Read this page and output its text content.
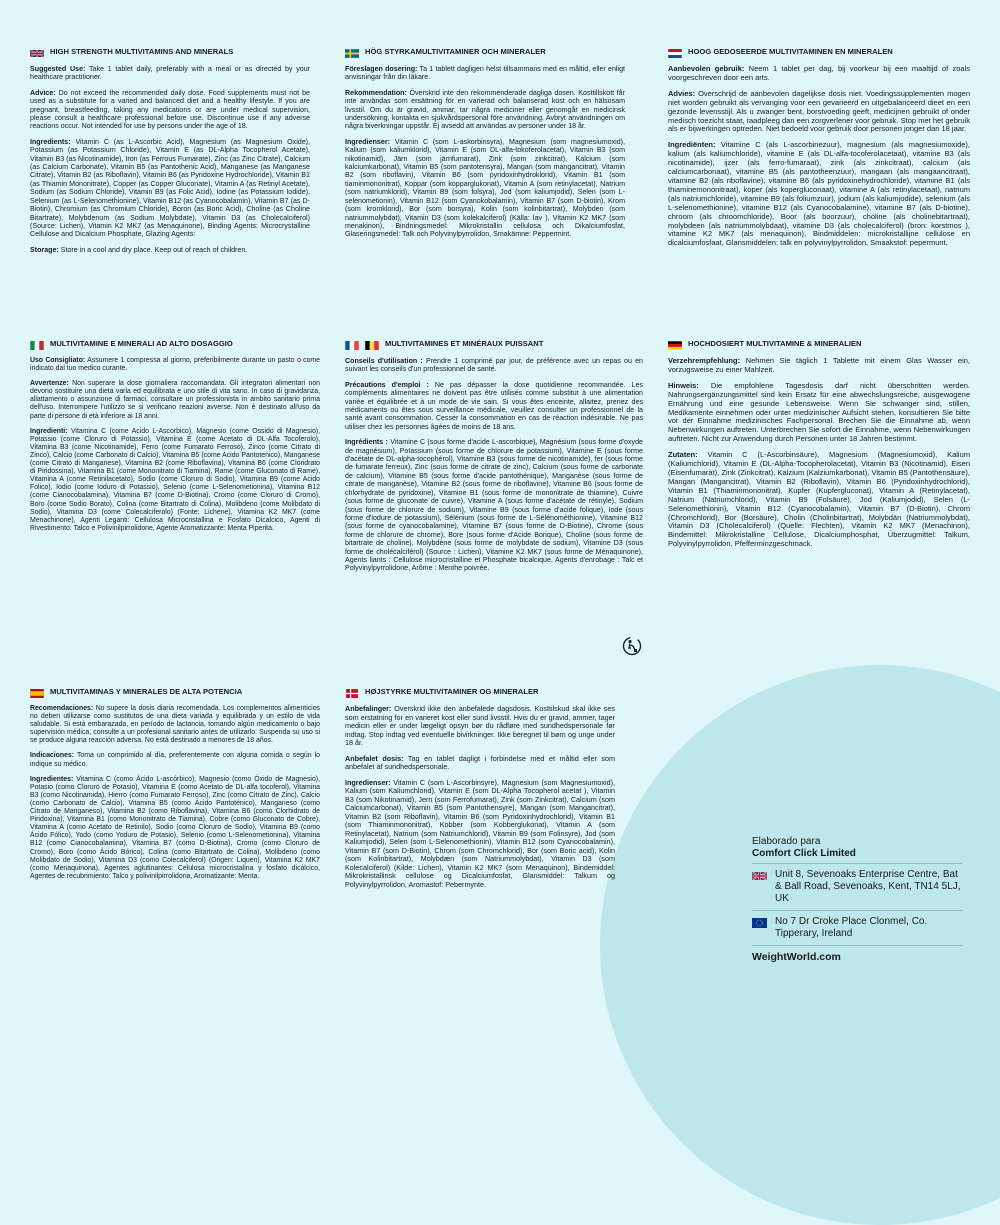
HIGH STRENGTH MULTIVITAMINS AND MINERALS

Suggested Use: Take 1 tablet daily, preferably with a meal or as directed by your healthcare practitioner.

Advice: Do not exceed the recommended daily dose. Food supplements must not be used as a substitute for a varied and balanced diet and a healthy lifestyle. If you are pregnant, breastfeeding, taking any medications or are under medical supervision, please consult a healthcare professional before use. Discontinue use if any adverse reactions occur. Not intended for use by persons under the age of 18.

Ingredients: Vitamin C (as L-Ascorbic Acid), Magnesium (as Magnesium Oxide), Potassium (as Potassium Chloride), Vitamin E (as DL-Alpha Tocopherol Acetate), Vitamin B3 (as Nicotinamide), Iron (as Ferrous Fumarate), Zinc (as Zinc Citrate), Calcium (as Calcium Carbonate), Vitamin B5 (as Pantothenic Acid), Manganese (as Manganese Citrate), Vitamin B2 (as Riboflavin), Vitamin B6 (as Pyridoxine Hydrochloride), Vitamin B1 (as Thiamin Mononitrate), Copper (as Copper Gluconate), Vitamin A (as Retinyl Acetate), Sodium (as Sodium Chloride), Vitamin B9 (as Folic Acid), Iodine (as Potassium Iodide), Selenium (as L-Selenomethionine), Vitamin B12 (as Cyanocobalamin), Vitamin B7 (as D-Biotin), Chromium (as Chromium Chloride), Boron (as Boric Acid), Choline (as Choline Bitartrate), Molybdenum (as Sodium Molybdate), Vitamin D3 (as Cholecalciferol) (Source: Lichen), Vitamin K2 MK7 (as Menaquinone), Binding Agents: Microcrystalline Cellulose and Dicalcium Phosphate, Glazing Agents:

Storage: Store in a cool and dry place. Keep out of reach of children.

HÖG STYRKAMULTIVITAMINER OCH MINERALER

Föreslagen dosering: Ta 1 tablett dagligen helst tillsammans med en måltid, eller enligt anvisningar från din läkare.

Rekommendation: Överskrid inte den rekommenderade dagliga dosen. Kosttillskott får inte användas som ersättning för en varierad och balanserad kost och en hälsosam livsstil. Om du är gravid, ammar, tar några mediciner eller genomgår en medicinsk undersökning, kontakta en sjukvårdspersonal före användning. Avbryt användningen om några biverkningar uppstår. Ej avsedd att användas av personer under 18 år.

Ingredienser: Vitamin C (som L-askorbinsyra), Magnesium (som magnesiumoxid), Kalium (som kaliumklorid), Vitamin E (som DL-alfa-tokoferolacetat), Vitamin B3 (som nikotinamid), Järn (som järnfumarat), Zink (som zinkcitrat), Kalcium (som kalciumkarbonat), Vitamin B5 (som pantotensyra), Mangan (som mangancitrat), Vitamin B2 (som riboflavin), Vitamin B6 (som pyridoxinhydroklorid), Vitamin B1 (som tiaminmononitrat), Koppar (som kopparglukonat), Vitamin A (som retinylacetat), Natrium (som natriumklorid), Vitamin B9 (som folsyra), Jod (som kaliumjodid), Selen (som L-selenometionin), Vitamin B12 (som Cyanokobalamin), Vitamin B7 (som D-biotin), Krom (som kromklorid), Bor (som borsyra), Kolin (som kolinbitartrat), Molybden (som natriummolybdat), Vitamin D3 (som kolekalciferol) (Källa: lav ), Vitamin K2 MK7 (som menakinon), Bindningsmedel: Mikrokristallin cellulosa och Dikalciumfosfat, Glaseringsmedel: Talk och Polyvinylpyrrolidon, Smakämne: Peppermint.

HOOG GEDOSEERDE MULTIVITAMINEN EN MINERALEN

Aanbevolen gebruik: Neem 1 tablet per dag, bij voorkeur bij een maaltijd of zoals voorgeschreven door een arts.

Advies: Overschrijd de aanbevolen dagelijkse dosis niet. Voedingssupplementen mogen niet worden gebruikt als vervanging voor een gevarieerd en uitgebalanceerd dieet en een gezonde levensstijl. Als u zwanger bent, borstvoeding geeft, medicijnen gebruikt of onder medisch toezicht staat, raadpleeg dan een zorgverlener voor gebruik. Stop met het gebruik als er bijwerkingen optreden. Niet bedoeld voor gebruik door personen jonger dan 18 jaar.

Ingrediënten: Vitamine C (als L-ascorbinezuur), magnesium (als magnesiumoxide), kalium (als kaliumchloride), vitamine E (als DL-alfa-tocoferolacetaat), vitamine B3 (als nicotinamide), ijzer (als ferro-fumaraat), zink (als zinkcitraat), calcium (als calciumcarbonaat), vitamine B5 (als pantotheenzuur), mangaan (als mangaancitraat), vitamine B2 (als riboflavine), vitamine B6 (als pyridoxinehydrochloride), vitamine B1 (als thiaminemononitraat), koper (als kopergluconaat), vitamine A (als retinylacetaat), natrium (als natriumchloride), vitamine B9 (als foliumzuur), jodium (als kaliumjodide), selenium (als L-selenomethionine), vitamine B12 (als Cyanocobalamine), vitamine B7 (als D-biotine), chroom (als chroomchloride), Boor (als boorzuur), choline (als cholinebitartraat), molybdeen (als natriummolybdaat), vitamine D3 (als cholecalciferol) (bron: korstmos ), vitamine K2 MK7 (als menaquinon), Bindmiddelen: microkristallijne cellulose en dicalciumfosfaat, Glansmiddelen: talk en polyvinylpyrrolidon, Smaakstof: pepermunt.

MULTIVITAMINE E MINERALI AD ALTO DOSAGGIO

Uso Consigliato: Assumere 1 compressa al giorno, preferibilmente durante un pasto o come indicato dal tuo medico curante.

Avvertenze: Non superare la dose giornaliera raccomandata. Gli integratori alimentari non devono sostituire una dieta varia ed equilibrata e uno stile di vita sano. In caso di gravidanza, allattamento o assunzione di farmaci, consultare un professionista in ambito sanitario prima dell'uso. Interrompere l'utilizzo se si verificano reazioni avverse. Non è destinato all'uso da parte di persone di età inferiore ai 18 anni.

Ingredienti: Vitamina C (come Acido L-Ascorbico), Magnesio (come Ossido di Magnesio), Potassio (come Cloruro di Potassio), Vitamina E (come Acetato di DL-Alfa Tocoferolo), Vitamina B3 (come Nicotinamide), Ferro (come Fumarato Ferroso), Zinco (come Citrato di Zinco), Calcio (come Carbonato di Calcio), Vitamina B5 (come Acido Pantotenico), Manganese (come Citrato di Manganese), Vitamina B2 (come Riboflavina), Vitamina B6 (come Cloridrato di Piridossina), Vitamina B1 (come Mononitrato di Tiamina), Rame (come Gluconato di Rame), Vitamina A (come Retinilacetato), Sodio (come Cloruro di Sodio), Vitamina B9 (come Acido Folico), Iodio (come Ioduro di Potassio), Selenio (come L-Selenometionina), Vitamina B12 (come Cianocobalamina), Vitamina B7 (come D-Biotina), Cromo (come Cloruro di Cromo), Boro (come Sodio Borato), Colina (come Bitartrato di Colina), Molibdeno (come Molibdato di Sodio), Vitamina D3 (come Colecalciferolo) (Fonte: Lichene), Vitamina K2 MK7 (come Menachinone), Agenti Leganti: Cellulosa Microcristallina e Fosfato Dicalcico, Agenti di Rivestimento: Talco e Polivinilpirrolidone, Agente Aromatizzante: Menta Piperita.

MULTIVITAMINES ET MINÉRAUX PUISSANT

Conseils d'utilisation : Prendre 1 comprimé par jour, de préférence avec un repas ou en suivant les conseils d'un professionnel de santé.

Précautions d'emploi : Ne pas dépasser la dose quotidienne recommandée. Les compléments alimentaires ne doivent pas être utilisés comme substitut à une alimentation variée et équilibrée et à un mode de vie sain. Si vous êtes enceinte, allaitez, prenez des médicaments ou êtes sous surveillance médicale, veuillez consulter un professionnel de la santé avant consommation. Cesser la consommation en cas de réaction indésirable. Ne pas utiliser chez les personnes âgées de moins de 18 ans.

Ingrédients : Vitamine C (sous forme d'acide L-ascorbique), Magnésium (sous forme d'oxyde de magnésium), Potassium (sous forme de chlorure de potassium), Vitamine E (sous forme d'acétate de DL-alpha-tocophérol), Vitamine B3 (sous forme de nicotinamide), fer (sous forme de fumarate ferreux), Zinc (sous forme de citrate de zinc), Calcium (sous forme de carbonate de calcium), Vitamine B5 (sous forme d'acide pantothénique), Manganèse (sous forme de citrate de manganèse), Vitamine B2 (sous forme de riboflavine), Vitamine B6 (sous forme de chlorhydrate de pyridoxine), Vitamine B1 (sous forme de mononitrate de thiamine), Cuivre (sous forme de gluconate de cuivre), Vitamine A (sous forme d'acétate de rétinyle), Sodium (sous forme de chlorure de sodium), Vitamine B9 (sous forme d'acide folique), Iode (sous forme d'iodure de potassium), Sélénium (sous forme de L-Sélénométhionine), Vitamine B12 (sous forme de cyanocobalamine), Vitamine B7 (sous forme de D-Biotine), Chrome (sous forme de chlorure de chrome), Bore (sous forme d'Acide Borique), Choline (sous forme de bitartrate de choline), Molybdène (sous forme de molybdate de sodium), Vitamine D3 (sous forme de cholécalciférol) (Source : Lichen), Vitamine K2 MK7 (sous forme de Ménaquinone), Agents liants : Cellulose microcristalline et Phosphate bicalcique, Agents d'enrobage : Talc et Polyvinylpyrrolidone, Arôme : Menthe poivrée.

HOCHDOSIERT MULTIVITAMINE & MINERALIEN

Verzehrempfehlung: Nehmen Sie täglich 1 Tablette mit einem Glas Wasser ein, vorzugsweise zu einer Mahlzeit.

Hinweis: Die empfohlene Tagesdosis darf nicht überschritten werden. Nahrungsergänzungsmittel sind kein Ersatz für eine abwechslungsreiche, ausgewogene Ernährung und eine gesunde Lebensweise. Wenn Sie schwanger sind, stillen, Medikamente einnehmen oder unter medizinischer Aufsicht stehen, konsultieren Sie bitte vor der Einnahme medizinisches Fachpersonal. Brechen Sie die Einnahme ab, wenn Nebenwirkungen auftreten. Unterbrechen Sie sofort die Einnahme, wenn Nebenwirkungen auftreten. Nicht zur Anwendung durch Personen unter 18 Jahren bestimmt.

Zutaten: Vitamin C (L-Ascorbinsäure), Magnesium (Magnesiumoxid), Kalium (Kaliumchlorid), Vitamin E (DL-Alpha-Tocopherolacetat), Vitamin B3 (Nicotinamid), Eisen (Eisenfumarat), Zink (Zinkcitrat), Kalzium (Kalziumkarbonat), Vitamin B5 (Pantothensäure), Mangan (Mangancitrat), Vitamin B2 (Riboflavin), Vitamin B6 (Pyridoxinhydrochlorid), Vitamin B1 (Thiaminmononitrat), Kupfer (Kupfergluconat), Vitamin A (Retinylacetat), Natrium (Natriumchlorid), Vitamin B9 (Folsäure), Jod (Kaliumjodid), Selen (L-Selenomethionin), Vitamin B12 (Cyanocobalamin), Vitamin B7 (D-Biotin), Chrom (Chromchlorid), Bor (Borsäure), Cholin (Cholinbitartrat), Molybdän (Natriummolybdat), Vitamin D3 (Cholecalciferol) (Quelle: Flechten), Vitamin K2 MK7 (Menachinon), Bindemittel: Mikrokristalline Cellulose, Dicalciumphosphat, Überzugmittel: Talkum, Polyvinylpyrrolidon, Pfefferminzgeschmack.

MULTIVITAMINAS Y MINERALES DE ALTA POTENCIA

Recomendaciones: No supere la dosis diaria recomendada. Los complementos alimenticios no deben utilizarse como sustitutos de una dieta variada y equilibrada y un estilo de vida saludable. Si está embarazada, en período de lactancia, tomando algún medicamento o bajo supervisión médica, consulte a un profesional sanitario antes de utilizarlo. Suspenda su uso si se produce alguna reacción adversa. No está destinado a menores de 18 años.

Indicaciones: Toma un comprimido al día, preferentemente con alguna comida o según lo indique su médico.

Ingredientes: Vitamina C (como Ácido L-ascórbico), Magnesio (como Óxido de Magnesio), Potasio (como Cloruro de Potasio), Vitamina E (como Acetato de DL-alfa tocoferol), Vitamina B3 (como Nicotinamida), Hierro (como Fumarato Ferroso), Zinc (como Citrato de Zinc), Calcio (como Carbonato de Calcio), Vitamina B5 (como Ácido Pantoténico), Manganeso (como Citrato de Manganeso), Vitamina B2 (como Riboflavina), Vitamina B6 (como Clorhidrato de Piridoxina), Vitamina B1 (como Mononitrato de Tiamina), Cobre (como Gluconato de Cobre), Vitamina A (como Acetato de Retinilo), Sodio (como Cloruro de Sodio), Vitamina B9 (como Ácido Fólico), Yodo (como Yoduro de Potasio), Selenio (como L-Selenometionina), Vitamina B12 (como Cianocobalamina), Vitamina B7 (como D-Biotina), Cromo (como Cloruro de Cromo), Boro (como Ácido Bórico), Colina (como Bitartrato de Colina), Molibdeno (como Molibdato de Sodio), Vitamina D3 (como Colecalciferol) (Origen: Liquen), Vitamina K2 MK7 (como Menaquinona), Agentes aglutinantes: Celulosa microcristalina y fosfato dicálcico, Agentes de recubrimiento: Talco y polivinilpirrolidona, Aromatizante: Menta.

HØJSTYRKE MULTIVITAMINER OG MINERALER

Anbefalinger: Overskrid ikke den anbefalede dagsdosis. Kosttilskud skal ikke ses som erstatning for en varieret kost eller sund livsstil. Hvis du er gravid, ammer, tager medicin eller er under lægeligt opsyn bør du rådføre med sundhedspersonale før indtag. Stop indtag ved eventuelle bivirkninger. Ikke beregnet til børn og unge under 18 år.

Anbefalet dosis: Tag en tablet dagligt i forbindelse med et måltid eller som anbefalet af sundhedspersonale.

Ingredienser: Vitamin C (som L-Ascorbinsyre), Magnesium (som Magnesiumoxid), Kalium (som Kaliumchlorid), Vitamin E (som DL-Alpha Tocopherol acetat ), Vitamin B3 (som Nikotinamid), Jern (som Ferrofumarat), Zink (som Zinkcitrat), Calcium (som Calciumcarbonat), Vitamin B5 (som Pantothensyre), Mangan (som Mangancitrat), Vitamin B2 (som Riboflavin), Vitamin B6 (som Pyridoxinhydrochlorid), Vitamin B1 (som Thiaminmononitrat), Kobber (som Kobberglukonat), Vitamin A (som Retinylacetat), Natrium (som Natriumchlorid), Vitamin B9 (som Folinsyre), Jod (som Kaliumjodid), Selen (som L-Selenomethionin), Vitamin B12 (som Cyanocobalamin), Vitamin B7 (som D-Biotin), Chrom (som Chromchlorid), Bor (som Boric acid), Kolin (som Kolinbitartrat), Molybdæn (som Natriummolybdat), Vitamin D3 (som Kolecalciferol) (Kilde: Lichen), Vitamin K2 MK7 (som Menaquinon), Bindemiddel: Mikrokristallinsk cellulose og Dicalciumfosfat, Glansmiddel: Talkum og Polyvinylpyrrolidon, Aromastof: Pebermynte.

Elaborado para
Comfort Click Limited
Unit 8, Sevenoaks Enterprise Centre, Bat & Ball Road, Sevenoaks, Kent, TN14 5LJ, UK
No 7 Dr Croke Place Clonmel, Co. Tipperary, Ireland
WeightWorld.com
